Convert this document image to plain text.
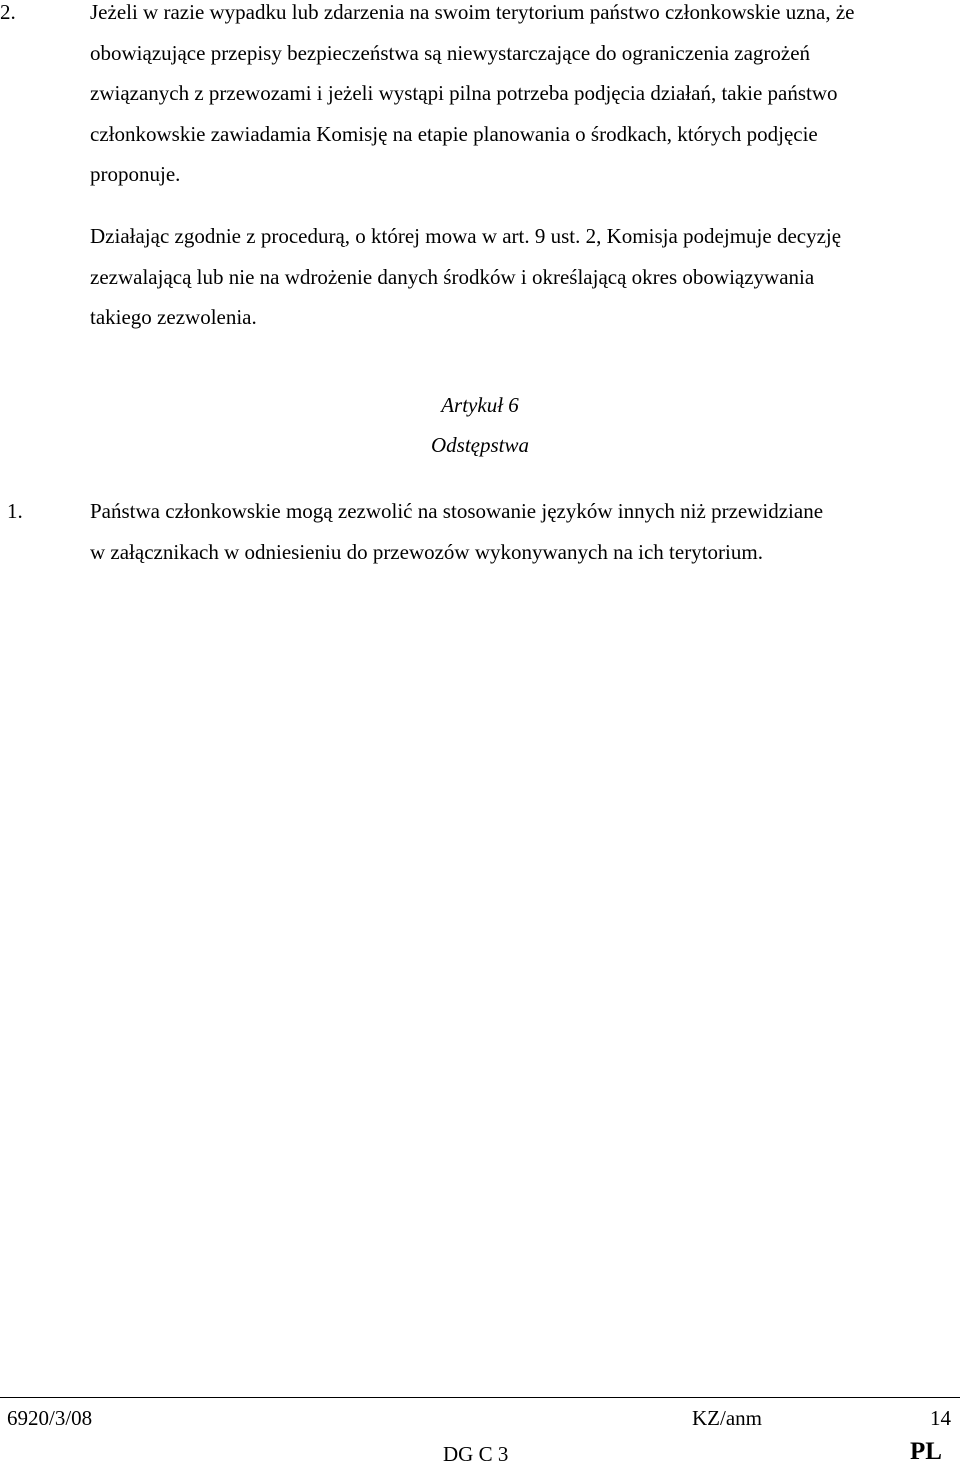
2.	Jeżeli w razie wypadku lub zdarzenia na swoim terytorium państwo członkowskie uzna, że
obowiązujące przepisy bezpieczeństwa są niewystarczające do ograniczenia zagrożeń
związanych z przewozami i jeżeli wystąpi pilna potrzeba podjęcia działań, takie państwo
członkowskie zawiadamia Komisję na etapie planowania o środkach, których podjęcie
proponuje.
Działając zgodnie z procedurą, o której mowa w art. 9 ust. 2, Komisja podejmuje decyzję
zezwalającą lub nie na wdrożenie danych środków i określającą okres obowiązywania
takiego zezwolenia.
Artykuł 6
Odstępstwa
1.	Państwa członkowskie mogą zezwolić na stosowanie języków innych niż przewidziane
w załącznikach w odniesieniu do przewozów wykonywanych na ich terytorium.
6920/3/08	KZ/anm	14
DG C 3	PL
